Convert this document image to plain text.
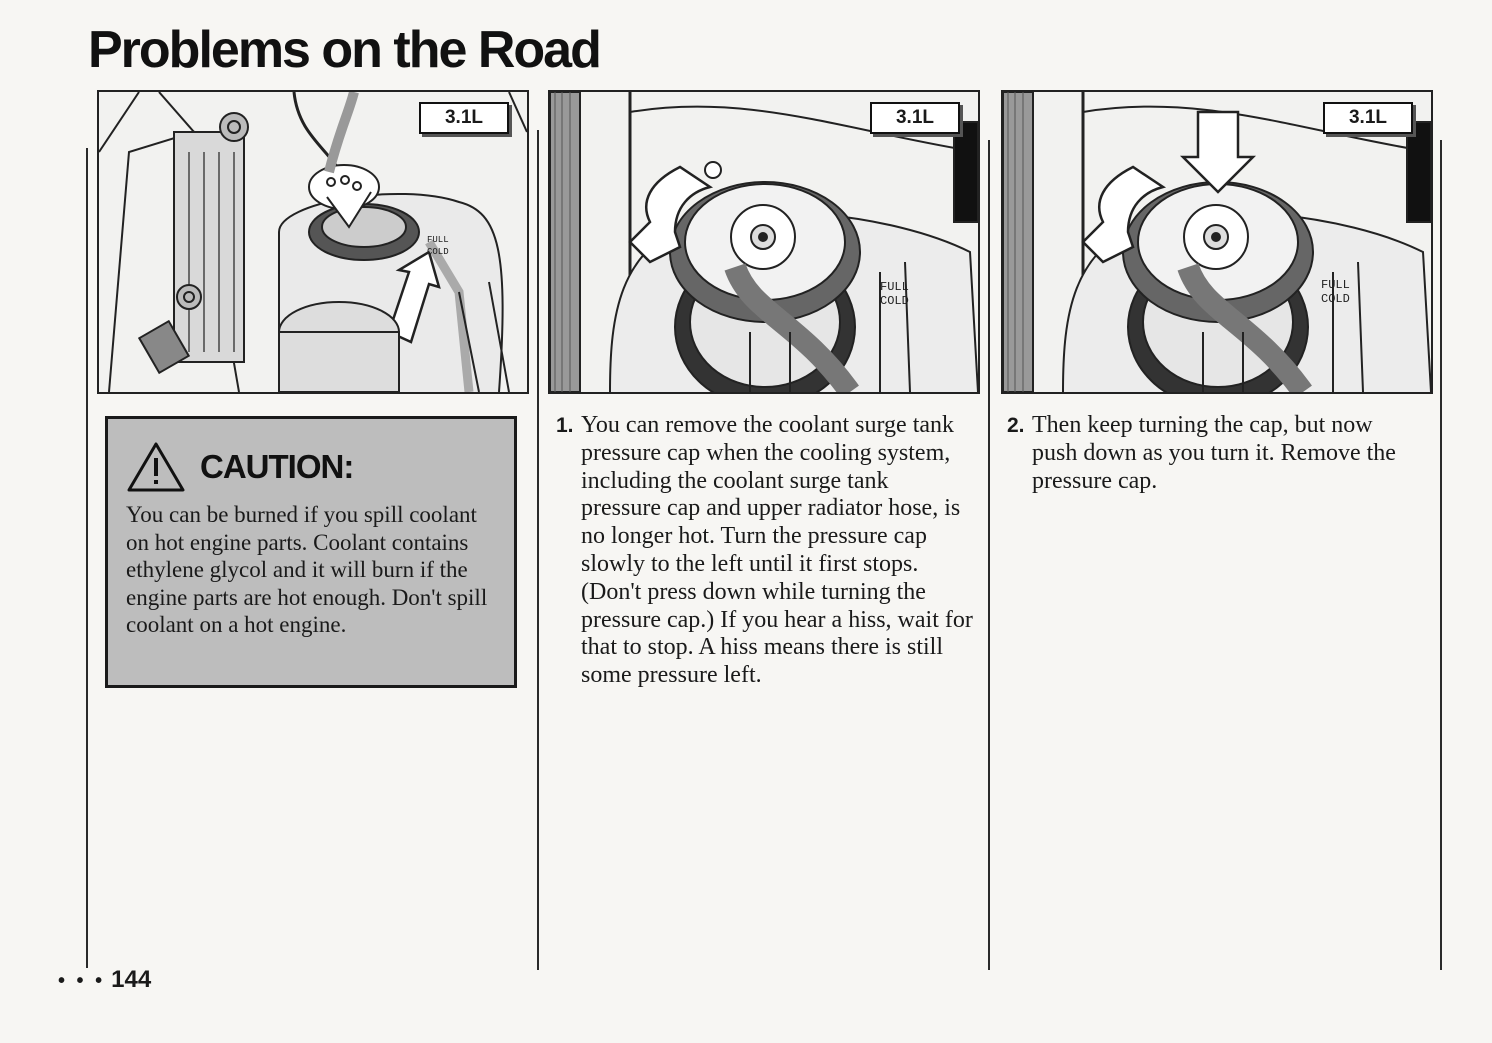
Problems on the Road
FULL
COLD
3.1L
FULL
COLD
3.1L
FULL
COLD
3.1L
CAUTION:
You can be burned if you spill coolant on hot engine parts. Coolant contains ethylene glycol and it will burn if the engine parts are hot enough. Don't spill coolant on a hot engine.
1. You can remove the coolant surge tank pressure cap when the cooling system, including the coolant surge tank pressure cap and upper radiator hose, is no longer hot. Turn the pressure cap slowly to the left until it first stops. (Don't press down while turning the pressure cap.) If you hear a hiss, wait for that to stop. A hiss means there is still some pressure left.
2. Then keep turning the cap, but now push down as you turn it. Remove the pressure cap.
• • • 144
